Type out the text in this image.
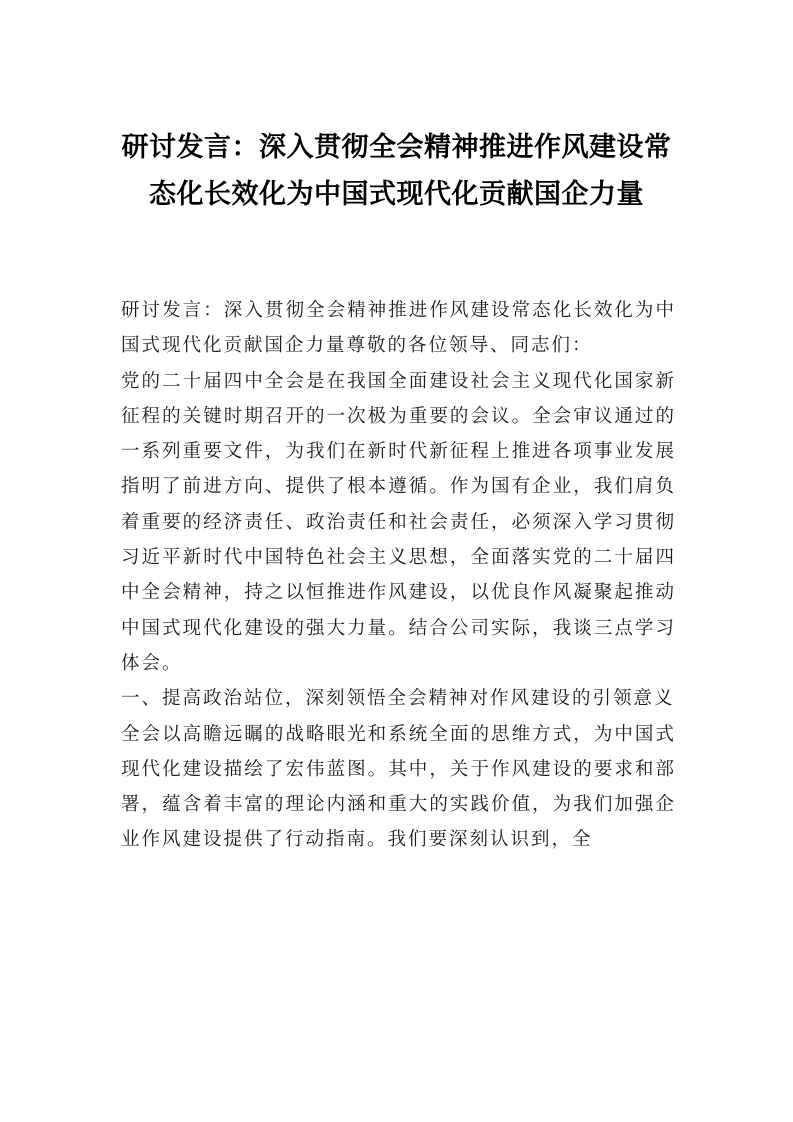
研讨发言：深入贯彻全会精神推进作风建设常态化长效化为中国式现代化贡献国企力量

研讨发言：深入贯彻全会精神推进作风建设常态化长效化为中国式现代化贡献国企力量尊敬的各位领导、同志们：

党的二十届四中全会是在我国全面建设社会主义现代化国家新征程的关键时期召开的一次极为重要的会议。全会审议通过的一系列重要文件，为我们在新时代新征程上推进各项事业发展指明了前进方向、提供了根本遵循。作为国有企业，我们肩负着重要的经济责任、政治责任和社会责任，必须深入学习贯彻习近平新时代中国特色社会主义思想，全面落实党的二十届四中全会精神，持之以恒推进作风建设，以优良作风凝聚起推动中国式现代化建设的强大力量。结合公司实际，我谈三点学习体会。

一、提高政治站位，深刻领悟全会精神对作风建设的引领意义

全会以高瞻远瞩的战略眼光和系统全面的思维方式，为中国式现代化建设描绘了宏伟蓝图。其中，关于作风建设的要求和部署，蕴含着丰富的理论内涵和重大的实践价值，为我们加强企业作风建设提供了行动指南。我们要深刻认识到，全
